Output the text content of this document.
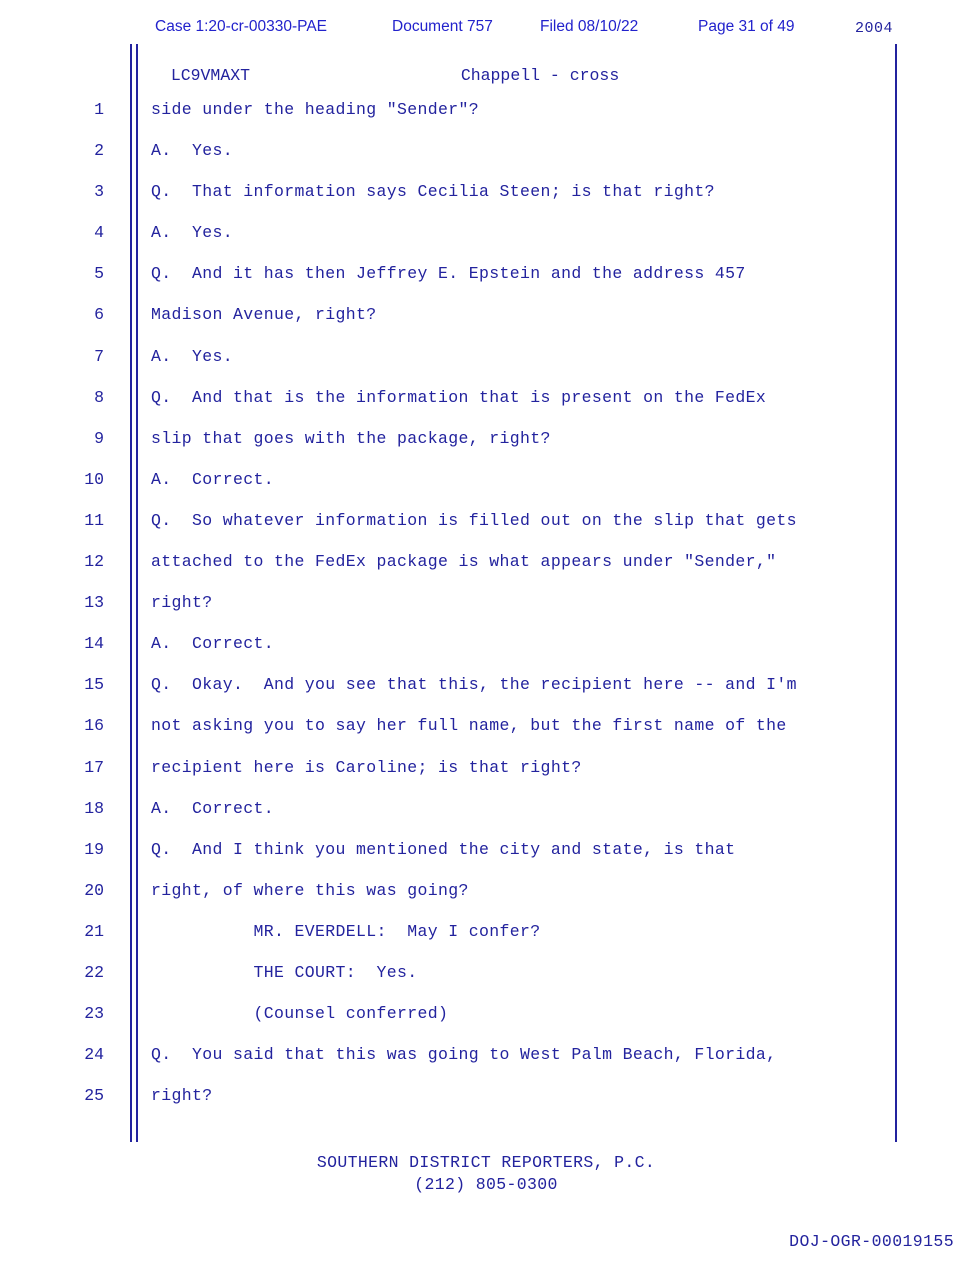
Case 1:20-cr-00330-PAE	Document 757	Filed 08/10/22	Page 31 of 49	2004

LC9VMAXT	Chappell - cross

1	side under the heading "Sender"?
2	A.  Yes.
3	Q.  That information says Cecilia Steen; is that right?
4	A.  Yes.
5	Q.  And it has then Jeffrey E. Epstein and the address 457
6	Madison Avenue, right?
7	A.  Yes.
8	Q.  And that is the information that is present on the FedEx
9	slip that goes with the package, right?
10	A.  Correct.
11	Q.  So whatever information is filled out on the slip that gets
12	attached to the FedEx package is what appears under "Sender,"
13	right?
14	A.  Correct.
15	Q.  Okay.  And you see that this, the recipient here -- and I'm
16	not asking you to say her full name, but the first name of the
17	recipient here is Caroline; is that right?
18	A.  Correct.
19	Q.  And I think you mentioned the city and state, is that
20	right, of where this was going?
21	MR. EVERDELL:  May I confer?
22	THE COURT:  Yes.
23	(Counsel conferred)
24	Q.  You said that this was going to West Palm Beach, Florida,
25	right?
SOUTHERN DISTRICT REPORTERS, P.C.
(212) 805-0300
DOJ-OGR-00019155
